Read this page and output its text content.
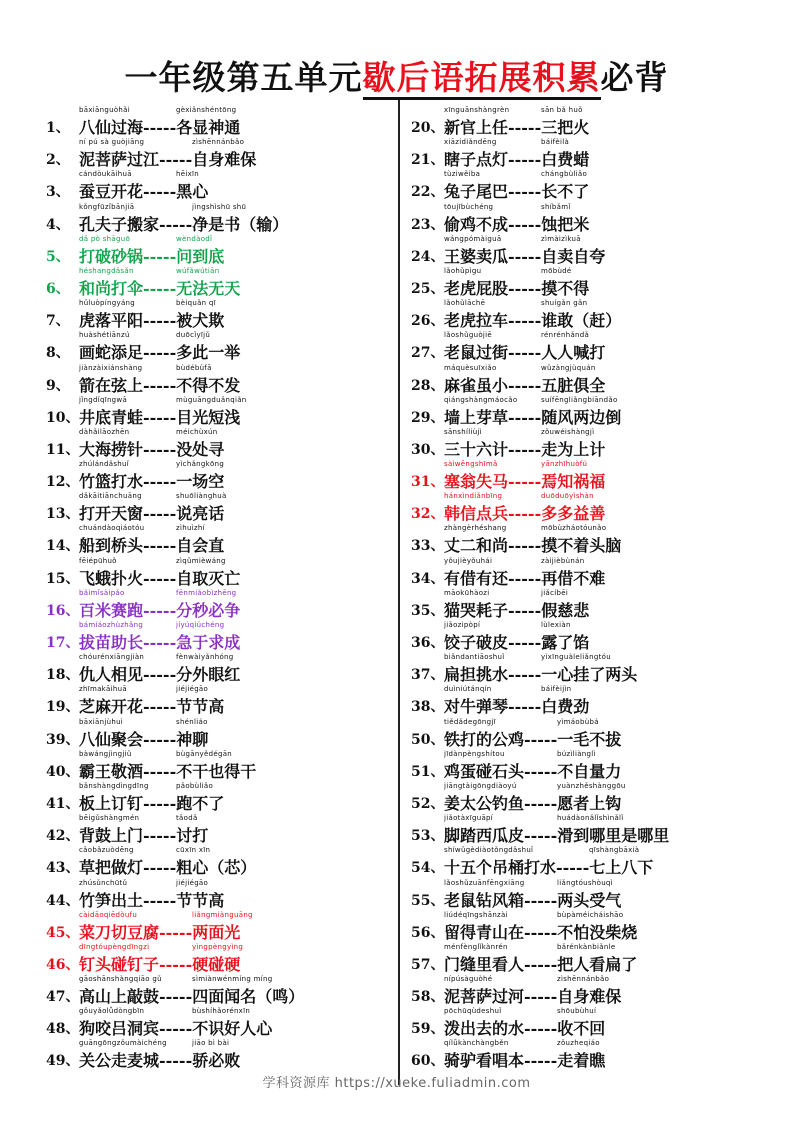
一年级第五单元歇后语拓展积累必背
1、
bāxiānguòhǎi	gèxiǎnshéntōng
八仙过海-----各显神通
2、
ní pú sà guòjiāng	zìshēnnánbǎo
泥菩萨过江-----自身难保
3、
cándòukāihuā	hēixīn
蚕豆开花-----黑心
4、
kǒngfūzǐbānjiā	jìngshìshū shū
孔夫子搬家-----净是书（输）
5、
dǎ pò shāguō	wèndàodǐ
打破砂锅-----问到底
6、
héshangdǎsǎn	wúfǎwútiān
和尚打伞-----无法无天
7、
hǔluòpíngyáng	bèiquǎn qī
虎落平阳-----被犬欺
8、
huàshétiānzú	duōcǐyījǔ
画蛇添足-----多此一举
9、
jiànzàixiánshàng	bùdébùfā
箭在弦上-----不得不发
10、
jǐngdǐqīngwā	mùguāngduǎnqiǎn
井底青蛙-----目光短浅
11、
dàhǎilāozhēn	méichùxún
大海捞针-----没处寻
12、
zhúlándǎshuǐ	yìchǎngkōng
竹篮打水-----一场空
13、
dǎkāitiānchuāng	shuōliànghuà
打开天窗-----说亮话
14、
chuándàoqiáotóu	zìhuìzhí
船到桥头-----自会直
15、
fēiépūhuǒ	zìqǔmièwáng
飞蛾扑火-----自取灭亡
16、
bǎimǐsàipǎo	fēnmiǎobìzhēng
百米赛跑-----分秒必争
17、
bámiáozhùzhǎng	jíyúqiúchéng
拔苗助长-----急于求成
18、
chóurénxiāngjiàn	fènwàiyǎnhóng
仇人相见-----分外眼红
19、
zhīmakāihuā	jiéjiégāo
芝麻开花-----节节高
39、
bāxiānjùhuì	shénliáo
八仙聚会-----神聊
40、
bàwángjìngjiǔ	bùgānyědégān
霸王敬酒-----不干也得干
41、
bǎnshàngdìngdīng	pǎobùliǎo
板上订钉-----跑不了
42、
bēigǔshàngmén	tǎodǎ
背鼓上门-----讨打
43、
cǎobǎzuòdēng	cūxīn xīn
草把做灯-----粗心（芯）
44、
zhúsǔnchūtǔ	jiéjiégāo
竹笋出土-----节节高
45、
càidāoqiēdòufu	liǎngmiànguāng
菜刀切豆腐-----两面光
46、
dīngtóupèngdīngzi	yìngpèngyìng
钉头碰钉子-----硬碰硬
47、
gāoshānshàngqiāo gǔ	sìmiànwénmíng míng
高山上敲鼓-----四面闻名（鸣）
48、
gǒuyǎolǚdòngbīn	bùshíhǎorénxīn
狗咬吕洞宾-----不识好人心
49、
guāngōngzǒumàichéng	jiāo bì bài
关公走麦城-----骄必败
20、
xīnguānshàngrèn	sān bǎ huǒ
新官上任-----三把火
21、
xiāzidiǎndēng	báifèilà
瞎子点灯-----白费蜡
22、
tùziwěiba	chángbùliǎo
兔子尾巴-----长不了
23、
tōujībùchéng	shíbǎmǐ
偷鸡不成-----蚀把米
24、
wángpómàiguā	zìmàizìkuā
王婆卖瓜-----自卖自夸
25、
lǎohǔpìgu	mōbùdé
老虎屁股-----摸不得
26、
lǎohǔlāchē	shuígǎn gǎn
老虎拉车-----谁敢（赶）
27、
lǎoshǔguòjiē	rénrénhǎndǎ
老鼠过街-----人人喊打
28、
máquèsuīxiǎo	wǔzàngjùquán
麻雀虽小-----五脏俱全
29、
qiángshàngmáocǎo	suífēngliǎngbiāndǎo
墙上芽草-----随风两边倒
30、
sānshíliùjì	zǒuwéishàngjì
三十六计-----走为上计
31、
sàiwēngshīmǎ	yānzhīhuòfú
塞翁失马-----焉知祸福
32、
hánxìndiǎnbīng	duōduōyìshàn
韩信点兵-----多多益善
33、
zhàngèrhéshang	mōbùzháotóunǎo
丈二和尚-----摸不着头脑
34、
yǒujièyǒuhái	zàijièbùnán
有借有还-----再借不难
35、
māokūhàozi	jiǎcíbēi
猫哭耗子-----假慈悲
36、
jiǎozipòpí	lùlexiàn
饺子破皮-----露了馅
37、
biǎndantiāoshuǐ	yìxīnguàleliǎngtóu
扁担挑水-----一心挂了两头
38、
duìniútánqín	báifèijìn
对牛弹琴-----白费劲
50、
tiědǎdegōngjī	yìmáobùbá
铁打的公鸡-----一毛不拔
51、
jīdànpèngshítou	búzìliànglì
鸡蛋碰石头-----不自量力
52、
jiāngtàigōngdiàoyú	yuànzhěshànggōu
姜太公钓鱼-----愿者上钩
53、
jiǎotàxīguāpí	huádàonǎlǐshìnǎlǐ
脚踏西瓜皮-----滑到哪里是哪里
54、
shíwǔgèdiàotǒngdǎshuǐ	qīshàngbāxià
十五个吊桶打水-----七上八下
55、
lǎoshǔzuānfēngxiāng	liǎngtóushòuqì
老鼠钻风箱-----两头受气
56、
liúdéqīngshānzài	bùpàméicháishāo
留得青山在-----不怕没柴烧
57、
ménfènglǐkànrén	bǎrénkànbiǎnle
门缝里看人-----把人看扁了
58、
nípúsàguòhé	zìshēnnánbǎo
泥菩萨过河-----自身难保
59、
pōchūqùdeshuǐ	shōubùhuí
泼出去的水-----收不回
60、
qílǘkànchàngběn	zǒuzheqiáo
骑驴看唱本-----走着瞧
学科资源库 https://xueke.fuliadmin.com
